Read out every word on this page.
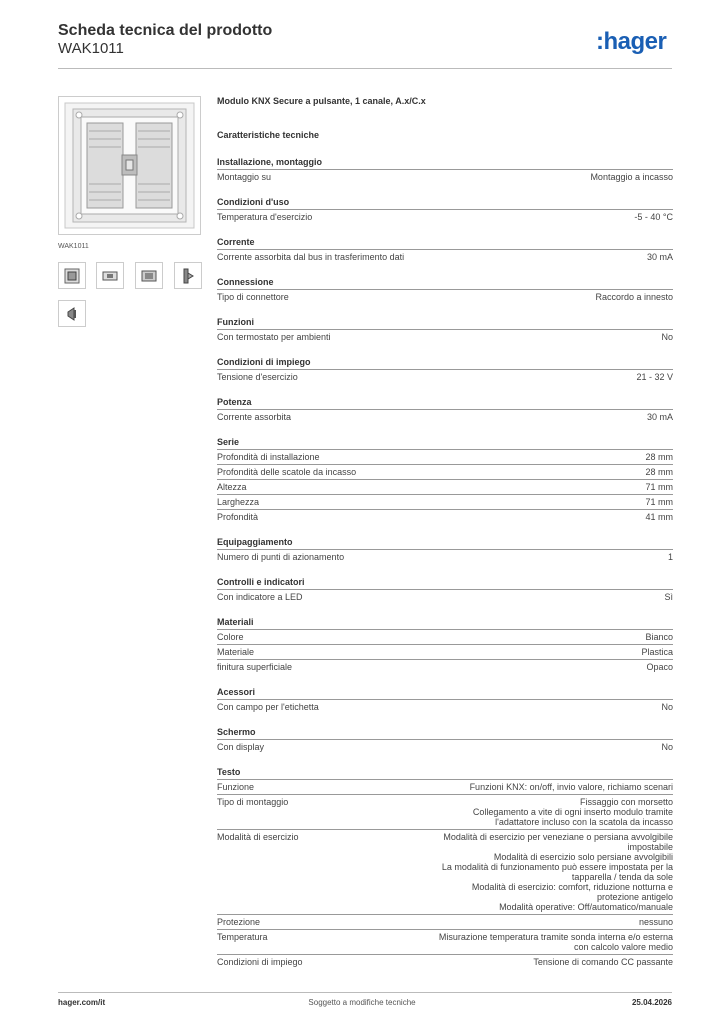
Scheda tecnica del prodotto
WAK1011	:hager
WAK1011
Modulo KNX Secure a pulsante, 1 canale, A.x/C.x
Caratteristiche tecniche
Installazione, montaggio
Montaggio su	Montaggio a incasso
Condizioni d'uso
Temperatura d'esercizio	-5 - 40 °C
Corrente
Corrente assorbita dal bus in trasferimento dati	30 mA
Connessione
Tipo di connettore	Raccordo a innesto
Funzioni
Con termostato per ambienti	No
Condizioni di impiego
Tensione d'esercizio	21 - 32 V
Potenza
Corrente assorbita	30 mA
Serie
Profondità di installazione	28 mm
Profondità delle scatole da incasso	28 mm
Altezza	71 mm
Larghezza	71 mm
Profondità	41 mm
Equipaggiamento
Numero di punti di azionamento	1
Controlli e indicatori
Con indicatore a LED	Sì
Materiali
Colore	Bianco
Materiale	Plastica
finitura superficiale	Opaco
Acessori
Con campo per l'etichetta	No
Schermo
Con display	No
Testo
Funzione	Funzioni KNX: on/off, invio valore, richiamo scenari
Tipo di montaggio	Fissaggio con morsetto
Collegamento a vite di ogni inserto modulo tramite
l'adattatore incluso con la scatola da incasso
Modalità di esercizio	Modalità di esercizio per veneziane o persiana avvolgibile
impostabile
Modalità di esercizio solo persiane avvolgibili
La modalità di funzionamento può essere impostata per la
tapparella / tenda da sole
Modalità di esercizio: comfort, riduzione notturna e
protezione antigelo
Modalità operative: Off/automatico/manuale
Protezione	nessuno
Temperatura	Misurazione temperatura tramite sonda interna e/o esterna
con calcolo valore medio
Condizioni di impiego	Tensione di comando CC passante
hager.com/it	Soggetto a modifiche tecniche	25.04.2026
